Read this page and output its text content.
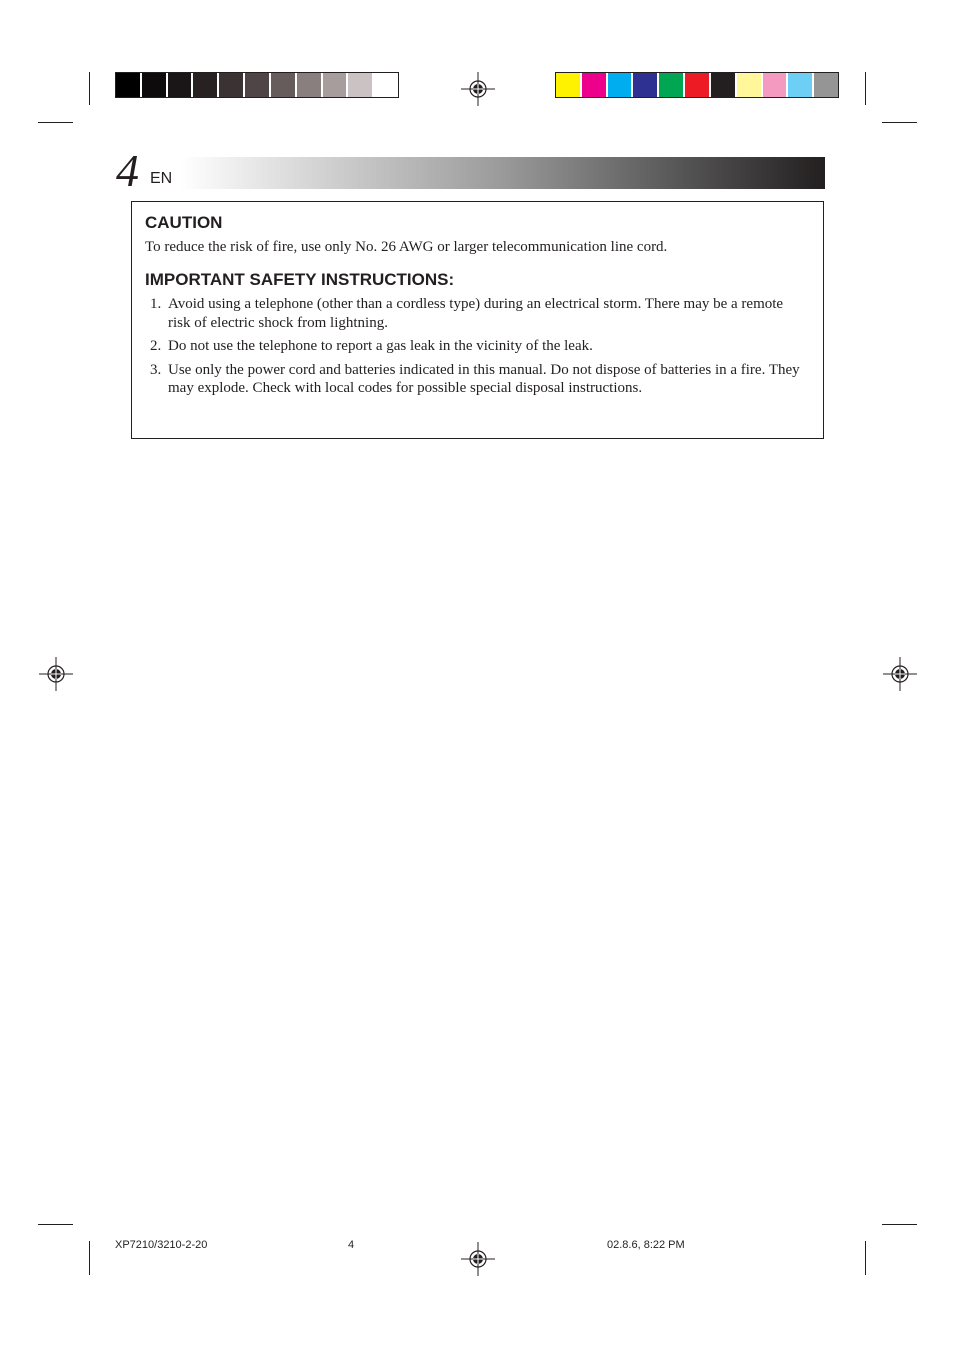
4 EN
CAUTION

To reduce the risk of fire, use only No. 26 AWG or larger telecommunication line cord.

IMPORTANT SAFETY INSTRUCTIONS:
1. Avoid using a telephone (other than a cordless type) during an electrical storm. There may be a remote risk of electric shock from lightning.
2. Do not use the telephone to report a gas leak in the vicinity of the leak.
3. Use only the power cord and batteries indicated in this manual. Do not dispose of batteries in a fire. They may explode. Check with local codes for possible special disposal instructions.
XP7210/3210-2-20	4	02.8.6, 8:22 PM
